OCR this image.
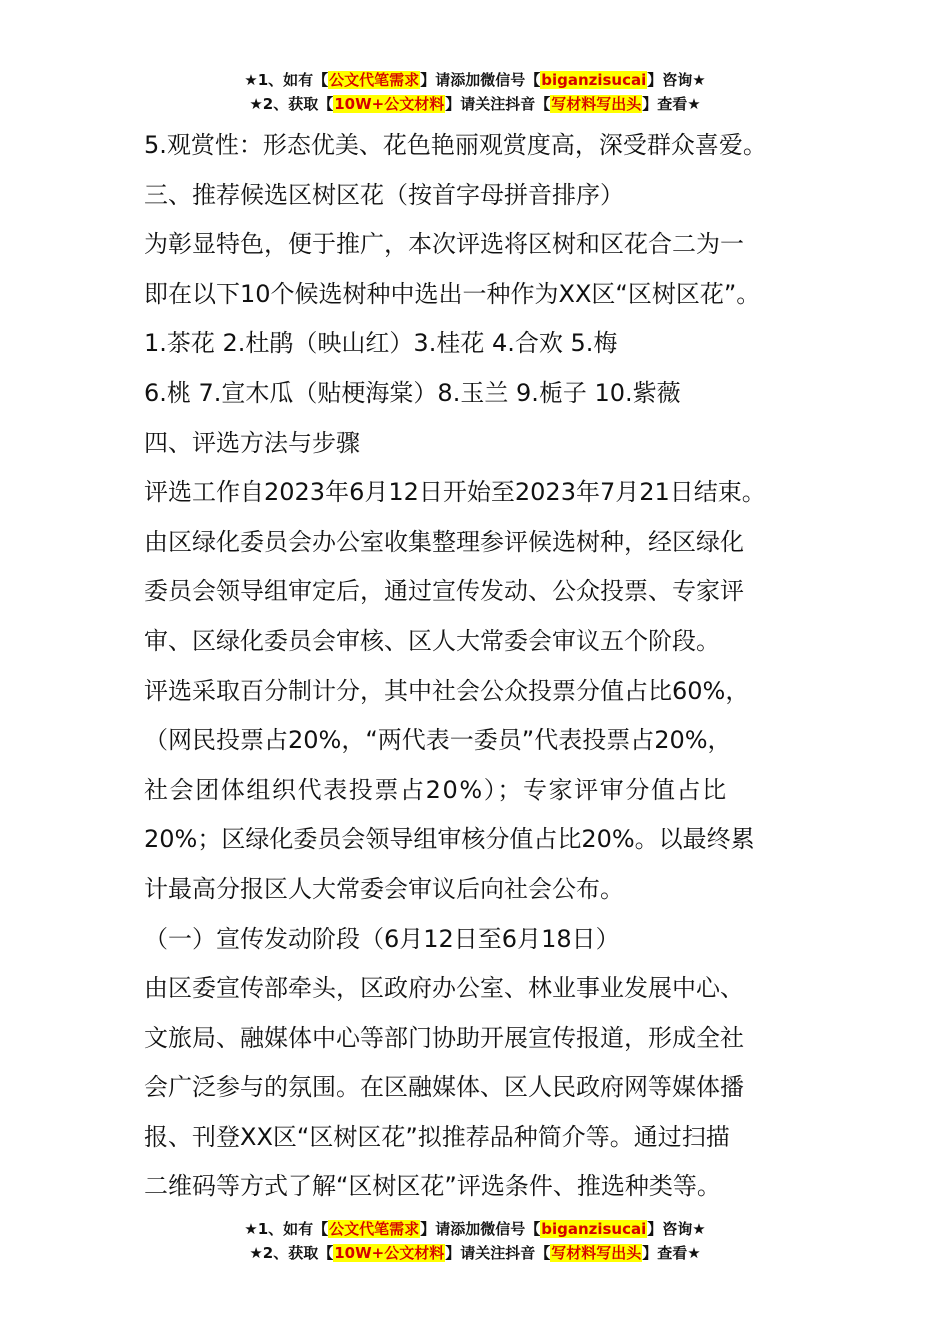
★1、如有【公文代笔需求】请添加微信号【biganzisucai】咨询★
★2、获取【10W+公文材料】请关注抖音【写材料写出头】查看★

5.观赏性：形态优美、花色艳丽观赏度高，深受群众喜爱。

三、推荐候选区树区花（按首字母拼音排序）

为彰显特色，便于推广，本次评选将区树和区花合二为一

即在以下10个候选树种中选出一种作为XX区“区树区花”。

1.茶花 2.杜鹃（映山红）3.桂花 4.合欢 5.梅

6.桃 7.宣木瓜（贴梗海棠）8.玉兰 9.栀子 10.紫薇

四、评选方法与步骤

评选工作自2023年6月12日开始至2023年7月21日结束。

由区绿化委员会办公室收集整理参评候选树种，经区绿化

委员会领导组审定后，通过宣传发动、公众投票、专家评

审、区绿化委员会审核、区人大常委会审议五个阶段。

评选采取百分制计分，其中社会公众投票分值占比60%，

（网民投票占20%，“两代表一委员”代表投票占20%，

社会团体组织代表投票占20%）；专家评审分值占比

20%；区绿化委员会领导组审核分值占比20%。以最终累

计最高分报区人大常委会审议后向社会公布。

（一）宣传发动阶段（6月12日至6月18日）

由区委宣传部牵头，区政府办公室、林业事业发展中心、

文旅局、融媒体中心等部门协助开展宣传报道，形成全社

会广泛参与的氛围。在区融媒体、区人民政府网等媒体播

报、刊登XX区“区树区花”拟推荐品种简介等。通过扫描

二维码等方式了解“区树区花”评选条件、推选种类等。

★1、如有【公文代笔需求】请添加微信号【biganzisucai】咨询★
★2、获取【10W+公文材料】请关注抖音【写材料写出头】查看★
